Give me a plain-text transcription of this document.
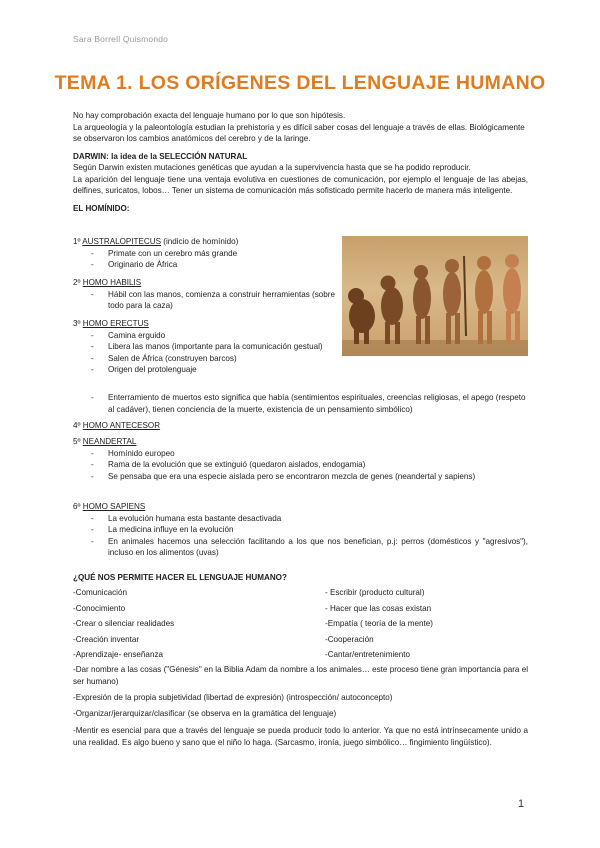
Sara Borrell Quismondo
TEMA 1. LOS ORÍGENES DEL LENGUAJE HUMANO

No hay comprobación exacta del lenguaje humano por lo que son hipótesis.

La arqueología y la paleontología estudian la prehistoria y es difícil saber cosas del lenguaje a través de ellas. Biológicamente se observaron los cambios anatómicos del cerebro y de la laringe.

DARWIN: la idea de la SELECCIÓN NATURAL

Según Darwin existen mutaciones genéticas que ayudan a la supervivencia hasta que se ha podido reproducir.

La aparición del lenguaje tiene una ventaja evolutiva en cuestiones de comunicación, por ejemplo el lenguaje de las abejas, delfines, suricatos, lobos… Tener un sistema de comunicación más sofisticado permite hacerlo de manera más inteligente.

EL HOMÍNIDO:

1º AUSTRALOPITECUS (indicio de homínido)
- Primate con un cerebro más grande
- Originario de África
2º HOMO HABILIS
- Hábil con las manos, comienza a construir herramientas (sobre todo para la caza)
3º HOMO ERECTUS
- Camina erguido
- Libera las manos (importante para la comunicación gestual)
- Salen de África (construyen barcos)
- Origen del protolenguaje
- Enterramiento de muertos esto significa que había (sentimientos espirituales, creencias religiosas, el apego (respeto al cadáver), tienen conciencia de la muerte, existencia de un pensamiento simbólico)
4º HOMO ANTECESOR
5º NEANDERTAL
- Homínido europeo
- Rama de la evolución que se extinguió (quedaron aislados, endogamia)
- Se pensaba que era una especie aislada pero se encontraron mezcla de genes (neandertal y sapiens)
6º HOMO SAPIENS
- La evolución humana esta bastante desactivada
- La medicina influye en la evolución
- En animales hacemos una selección facilitando a los que nos benefician, p.j: perros (domésticos y "agresivos"), incluso en los alimentos (uvas)
¿QUÉ NOS PERMITE HACER EL LENGUAJE HUMANO?
-Comunicación	- Escribir (producto cultural)
-Conocimiento	- Hacer que las cosas existan
-Crear o silenciar realidades	-Empatía ( teoría de la mente)
-Creación inventar	-Cooperación
-Aprendizaje- enseñanza	-Cantar/entretenimiento
-Dar nombre a las cosas ("Génesis" en la Biblia Adam da nombre a los animales… este proceso tiene gran importancia para el ser humano)
-Expresión de la propia subjetividad (libertad de expresión) (introspección/ autoconcepto)
-Organizar/jerarquizar/clasificar (se observa en la gramática del lenguaje)
-Mentir es esencial para que a través del lenguaje se pueda producir todo lo anterior. Ya que no está intrínsecamente unido a una realidad. Es algo bueno y sano que el niño lo haga. (Sarcasmo, ironía, juego simbólico… fingimiento lingüístico).
1
